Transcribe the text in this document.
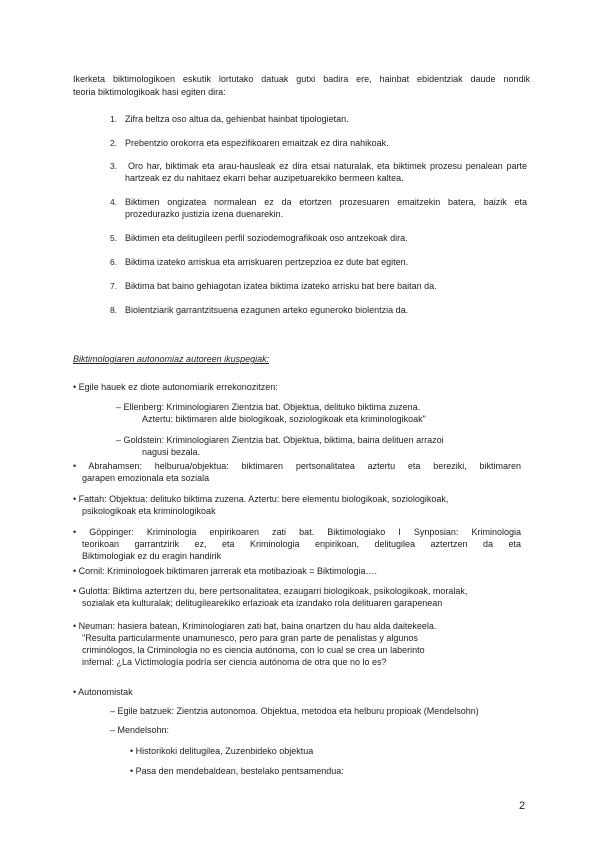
Ikerketa biktimologikoen eskutik lortutako datuak gutxi badira ere, hainbat ebidentziak daude nondik
teoria biktimologikoak hasi egiten dira:
1. Zifra beltza oso altua da, gehienbat hainbat tipologietan.
2. Prebentzio orokorra eta espezifikoaren emaitzak ez dira nahikoak.
3. Oro har, biktimak eta arau-hausleak ez dira etsai naturalak, eta biktimek prozesu penalean parte
hartzeak ez du nahitaez ekarri behar auzipetuarekiko bermeen kaltea.
4. Biktimen ongizatea normalean ez da etortzen prozesuaren emaitzekin batera, baizik eta
prozedurazko justizia izena duenarekin.
5. Biktimen eta delitugileen perfil soziodemografikoak oso antzekoak dira.
6. Biktima izateko arriskua eta arriskuaren pertzepzioa ez dute bat egiten.
7. Biktima bat baino gehiagotan izatea biktima izateko arrisku bat bere baitan da.
8. Biolentziarik garrantzitsuena ezagunen arteko eguneroko biolentzia da.
Biktimologiaren autonomiaz autoreen ikuspegiak:
• Egile hauek ez diote autonomiarik errekonozitzen:
– Ellenberg: Kriminologiaren Zientzia bat. Objektua, delituko biktima zuzena.
Aztertu: biktimaren alde biologikoak, soziologikoak eta kriminologikoak"
– Goldstein: Kriminologiaren Zientzia bat. Objektua, biktima, baina delituen arrazoi
nagusi bezala.
• Abrahamsen: helburua/objektua: biktimaren pertsonalitatea aztertu eta bereziki, biktimaren
garapen emozionala eta soziala
• Fattah: Objektua: delituko biktima zuzena. Aztertu: bere elementu biologikoak, soziologikoak,
psikologikoak eta kriminologikoak
• Göppinger: Kriminologia enpirikoaren zati bat. Biktimologiako I Synposian: Kriminologia
teorikoan garrantzirik ez, eta Kriminologia enpirikoan, delitugilea aztertzen da eta
Biktimologiak ez du eragin handirik
• Cornil: Kriminologoek biktimaren jarrerak eta motibazioak = Biktimologia….
• Gulotta: Biktima aztertzen du, bere pertsonalitatea, ezaugarri biologikoak, psikologikoak, moralak,
sozialak eta kulturalak; delitugilearekiko erlazioak eta izandako rola delituaren garapenean
• Neuman: hasiera batean, Kriminologiaren zati bat, baina onartzen du hau alda daitekeela.
"Resulta particularmente unamunesco, pero para gran parte de penalistas y algunos
criminólogos, la Criminología no es ciencia autónoma, con lo cual se crea un laberinto
infernal: ¿La Victimología podría ser ciencia autónoma de otra que no lo es?
• Autonomistak
– Egile batzuek: Zientzia autonomoa. Objektua, metodoa eta helburu propioak (Mendelsohn)
– Mendelsohn:
• Historikoki delitugilea, Zuzenbideko objektua
• Pasa den mendebaldean, bestelako pentsamendua:
2
